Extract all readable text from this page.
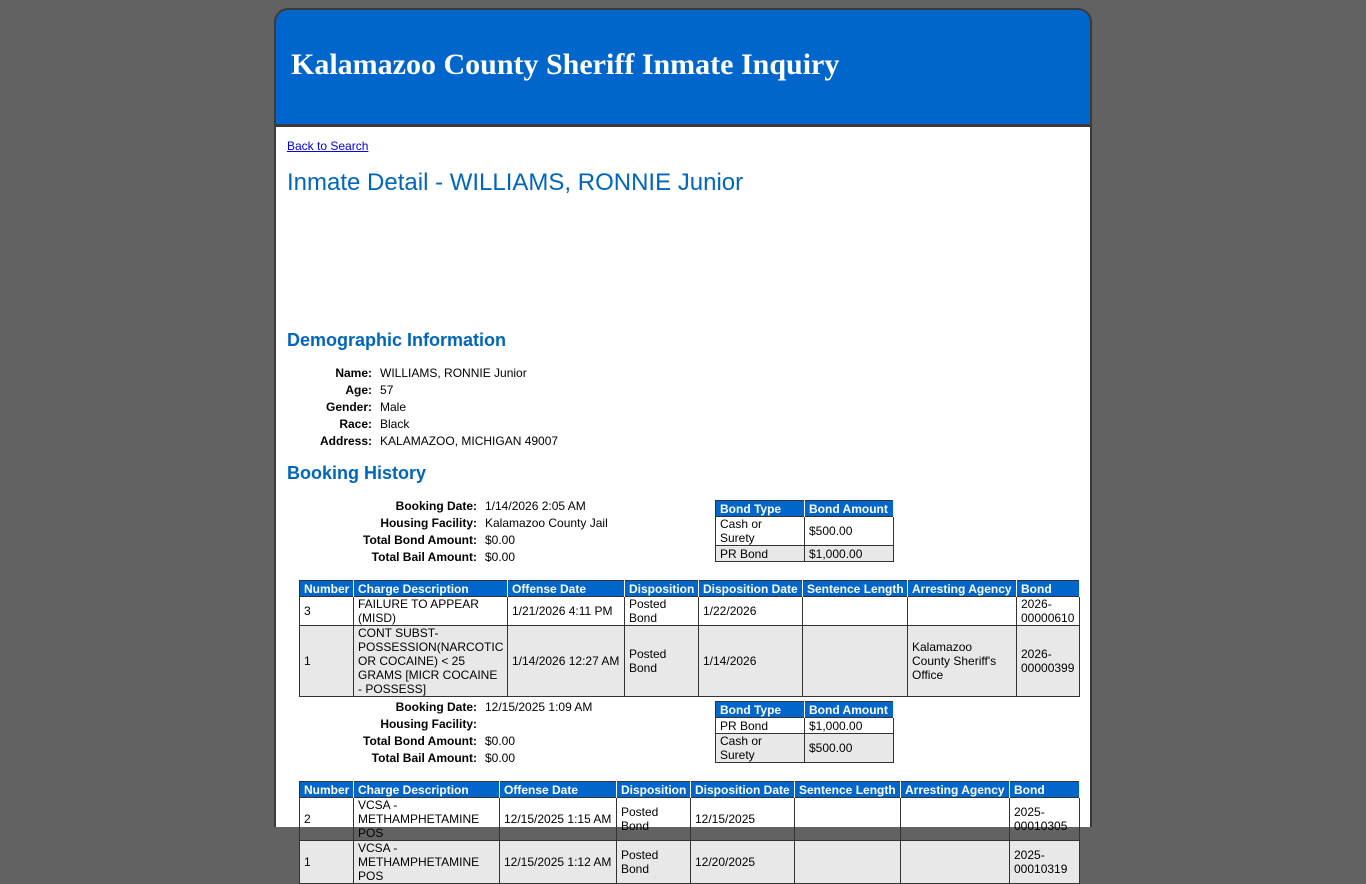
Kalamazoo County Sheriff Inmate Inquiry
Back to Search
Inmate Detail - WILLIAMS, RONNIE Junior
Demographic Information
Name:	WILLIAMS, RONNIE Junior
Age:	57
Gender:	Male
Race:	Black
Address:	KALAMAZOO, MICHIGAN 49007
Booking History
Booking Date:	1/14/2026 2:05 AM
Housing Facility:	Kalamazoo County Jail
Total Bond Amount:	$0.00
Total Bail Amount:	$0.00
Bond Type	Bond Amount
Cash or Surety	$500.00
PR Bond	$1,000.00
Number	Charge Description	Offense Date	Disposition	Disposition Date	Sentence Length	Arresting Agency	Bond
3	FAILURE TO APPEAR (MISD)	1/21/2026 4:11 PM	Posted Bond	1/22/2026			2026-00000610
1	CONT SUBST-POSSESSION(NARCOTIC OR COCAINE) < 25 GRAMS [MICR COCAINE - POSSESS]	1/14/2026 12:27 AM	Posted Bond	1/14/2026		Kalamazoo County Sheriff's Office	2026-00000399
Booking Date:	12/15/2025 1:09 AM
Housing Facility:	
Total Bond Amount:	$0.00
Total Bail Amount:	$0.00
Bond Type	Bond Amount
PR Bond	$1,000.00
Cash or Surety	$500.00
Number	Charge Description	Offense Date	Disposition	Disposition Date	Sentence Length	Arresting Agency	Bond
2	VCSA - METHAMPHETAMINE POS	12/15/2025 1:15 AM	Posted Bond	12/15/2025			2025-00010305
1	VCSA - METHAMPHETAMINE POS	12/15/2025 1:12 AM	Posted Bond	12/20/2025			2025-00010319
